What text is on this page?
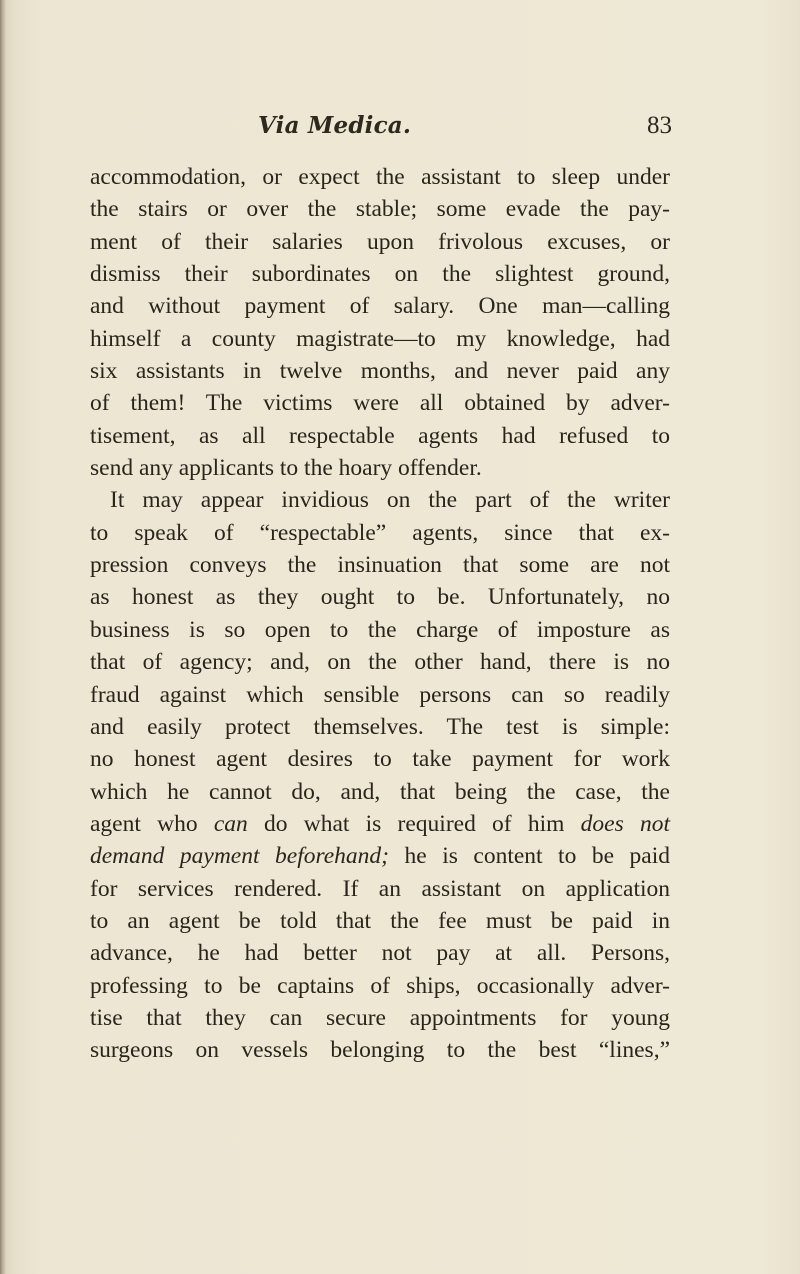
Via Medica.	83
accommodation, or expect the assistant to sleep under
the stairs or over the stable; some evade the pay-
ment of their salaries upon frivolous excuses, or
dismiss their subordinates on the slightest ground,
and without payment of salary. One man—calling
himself a county magistrate—to my knowledge, had
six assistants in twelve months, and never paid any
of them! The victims were all obtained by adver-
tisement, as all respectable agents had refused to
send any applicants to the hoary offender.
It may appear invidious on the part of the writer
to speak of “respectable” agents, since that ex-
pression conveys the insinuation that some are not
as honest as they ought to be. Unfortunately, no
business is so open to the charge of imposture as
that of agency; and, on the other hand, there is no
fraud against which sensible persons can so readily
and easily protect themselves. The test is simple:
no honest agent desires to take payment for work
which he cannot do, and, that being the case, the
agent who can do what is required of him does not
demand payment beforehand; he is content to be paid
for services rendered. If an assistant on application
to an agent be told that the fee must be paid in
advance, he had better not pay at all. Persons,
professing to be captains of ships, occasionally adver-
tise that they can secure appointments for young
surgeons on vessels belonging to the best “lines,”
